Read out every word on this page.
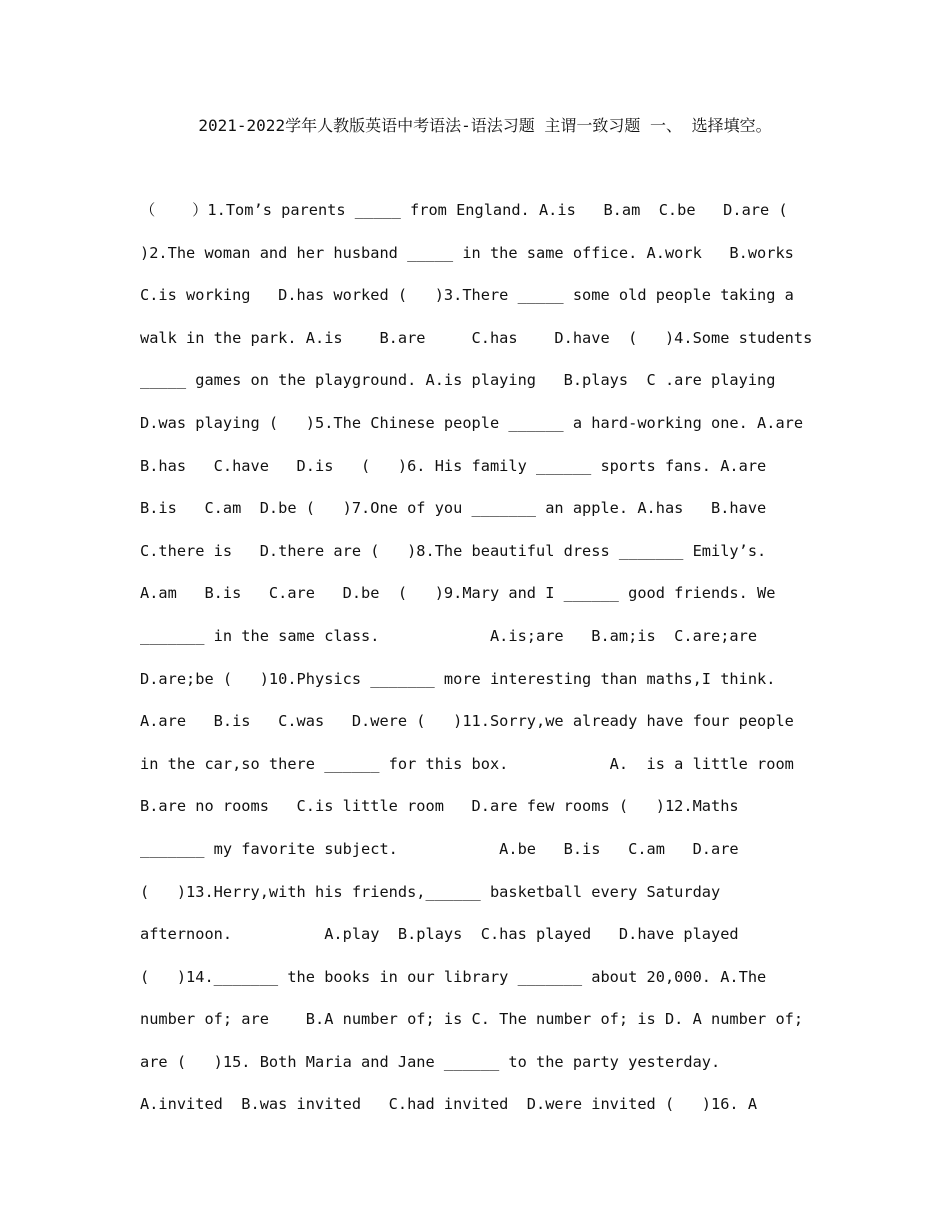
2021-2022学年人教版英语中考语法-语法习题 主谓一致习题 一、 选择填空。
（    ）1.Tom’s parents _____ from England. A.is   B.am  C.be   D.are (
)2.The woman and her husband _____ in the same office. A.work   B.works
C.is working   D.has worked (   )3.There _____ some old people taking a
walk in the park. A.is    B.are     C.has    D.have  (   )4.Some students
_____ games on the playground. A.is playing   B.plays  C .are playing
D.was playing (   )5.The Chinese people ______ a hard-working one. A.are
B.has   C.have   D.is   (   )6. His family ______ sports fans. A.are
B.is   C.am  D.be (   )7.One of you _______ an apple. A.has   B.have
C.there is   D.there are (   )8.The beautiful dress _______ Emily’s.
A.am   B.is   C.are   D.be  (   )9.Mary and I ______ good friends. We
_______ in the same class.            A.is;are   B.am;is  C.are;are
D.are;be (   )10.Physics _______ more interesting than maths,I think.
A.are   B.is   C.was   D.were (   )11.Sorry,we already have four people
in the car,so there ______ for this box.           A.  is a little room
B.are no rooms   C.is little room   D.are few rooms (   )12.Maths
_______ my favorite subject.           A.be   B.is   C.am   D.are
(   )13.Herry,with his friends,______ basketball every Saturday
afternoon.          A.play  B.plays  C.has played   D.have played
(   )14._______ the books in our library _______ about 20,000. A.The
number of; are    B.A number of; is C. The number of; is D. A number of;
are (   )15. Both Maria and Jane ______ to the party yesterday.
A.invited  B.was invited   C.had invited  D.were invited (   )16. A
